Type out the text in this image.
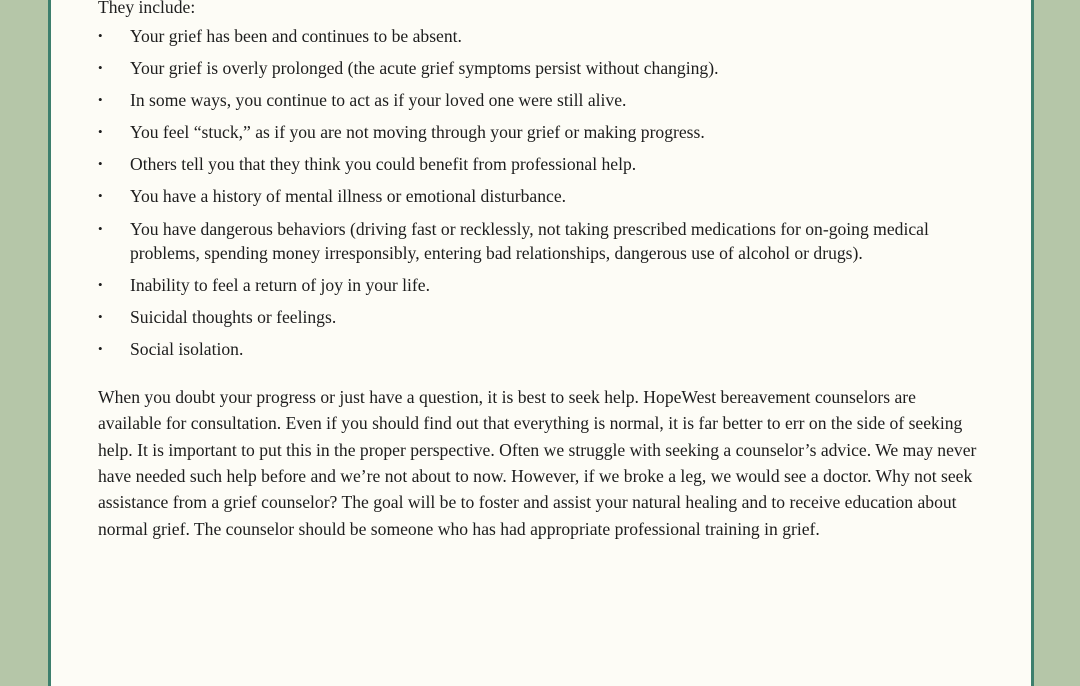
They include:

• Your grief has been and continues to be absent.
• Your grief is overly prolonged (the acute grief symptoms persist without changing).
• In some ways, you continue to act as if your loved one were still alive.
• You feel “stuck,” as if you are not moving through your grief or making progress.
• Others tell you that they think you could benefit from professional help.
• You have a history of mental illness or emotional disturbance.
• You have dangerous behaviors (driving fast or recklessly, not taking prescribed medications for on-going medical problems, spending money irresponsibly, entering bad relationships, dangerous use of alcohol or drugs).
• Inability to feel a return of joy in your life.
• Suicidal thoughts or feelings.
• Social isolation.

When you doubt your progress or just have a question, it is best to seek help. HopeWest bereavement counselors are available for consultation. Even if you should find out that everything is normal, it is far better to err on the side of seeking help. It is important to put this in the proper perspective. Often we struggle with seeking a counselor’s advice. We may never have needed such help before and we’re not about to now. However, if we broke a leg, we would see a doctor. Why not seek assistance from a grief counselor? The goal will be to foster and assist your natural healing and to receive education about normal grief. The counselor should be someone who has had appropriate professional training in grief.
